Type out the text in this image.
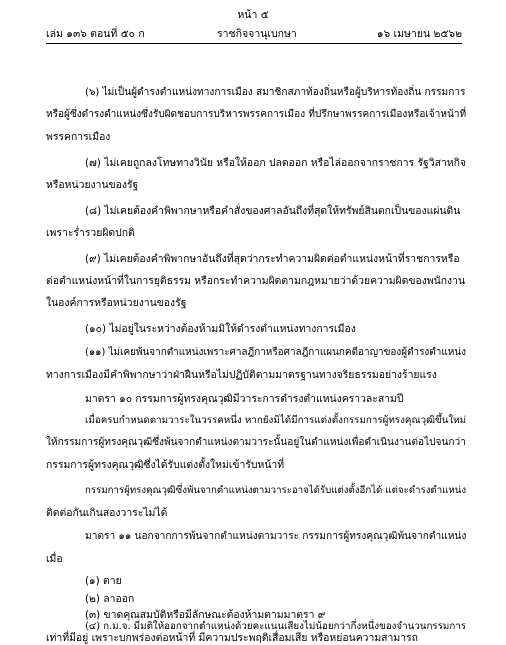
หน้า ๕
เล่ม ๑๓๖ ตอนที่ ๕๐ ก	ราชกิจจานุเบกษา	๑๖ เมษายน ๒๕๖๒
(๖) ไม่เป็นผู้ดำรงตำแหน่งทางการเมือง สมาชิกสภาท้องถิ่นหรือผู้บริหารท้องถิ่น กรรมการ
หรือผู้ซึ่งดำรงตำแหน่งซึ่งรับผิดชอบการบริหารพรรคการเมือง ที่ปรึกษาพรรคการเมืองหรือเจ้าหน้าที่
พรรคการเมือง
(๗) ไม่เคยถูกลงโทษทางวินัย หรือให้ออก ปลดออก หรือไล่ออกจากราชการ รัฐวิสาหกิจ
หรือหน่วยงานของรัฐ
(๘) ไม่เคยต้องคำพิพากษาหรือคำสั่งของศาลอันถึงที่สุดให้ทรัพย์สินตกเป็นของแผ่นดิน
เพราะร่ำรวยผิดปกติ
(๙) ไม่เคยต้องคำพิพากษาอันถึงที่สุดว่ากระทำความผิดต่อตำแหน่งหน้าที่ราชการหรือ
ต่อตำแหน่งหน้าที่ในการยุติธรรม หรือกระทำความผิดตามกฎหมายว่าด้วยความผิดของพนักงาน
ในองค์การหรือหน่วยงานของรัฐ
(๑๐) ไม่อยู่ในระหว่างต้องห้ามมิให้ดำรงตำแหน่งทางการเมือง
(๑๑) ไม่เคยพ้นจากตำแหน่งเพราะศาลฎีกาหรือศาลฎีกาแผนกคดีอาญาของผู้ดำรงตำแหน่ง
ทางการเมืองมีคำพิพากษาว่าฝ่าฝืนหรือไม่ปฏิบัติตามมาตรฐานทางจริยธรรมอย่างร้ายแรง
มาตรา ๑๐ กรรมการผู้ทรงคุณวุฒิมีวาระการดำรงตำแหน่งคราวละสามปี
เมื่อครบกำหนดตามวาระในวรรคหนึ่ง หากยังมิได้มีการแต่งตั้งกรรมการผู้ทรงคุณวุฒิขึ้นใหม่
ให้กรรมการผู้ทรงคุณวุฒิซึ่งพ้นจากตำแหน่งตามวาระนั้นอยู่ในตำแหน่งเพื่อดำเนินงานต่อไปจนกว่า
กรรมการผู้ทรงคุณวุฒิซึ่งได้รับแต่งตั้งใหม่เข้ารับหน้าที่
กรรมการผู้ทรงคุณวุฒิซึ่งพ้นจากตำแหน่งตามวาระอาจได้รับแต่งตั้งอีกได้ แต่จะดำรงตำแหน่ง
ติดต่อกันเกินสองวาระไม่ได้
มาตรา ๑๑ นอกจากการพ้นจากตำแหน่งตามวาระ กรรมการผู้ทรงคุณวุฒิพ้นจากตำแหน่ง
เมื่อ
(๑) ตาย
(๒) ลาออก
(๓) ขาดคุณสมบัติหรือมีลักษณะต้องห้ามตามมาตรา ๙
(๔) ก.ม.จ. มีมติให้ออกจากตำแหน่งด้วยคะแนนเสียงไม่น้อยกว่ากึ่งหนึ่งของจำนวนกรรมการ
เท่าที่มีอยู่ เพราะบกพร่องต่อหน้าที่ มีความประพฤติเสื่อมเสีย หรือหย่อนความสามารถ
